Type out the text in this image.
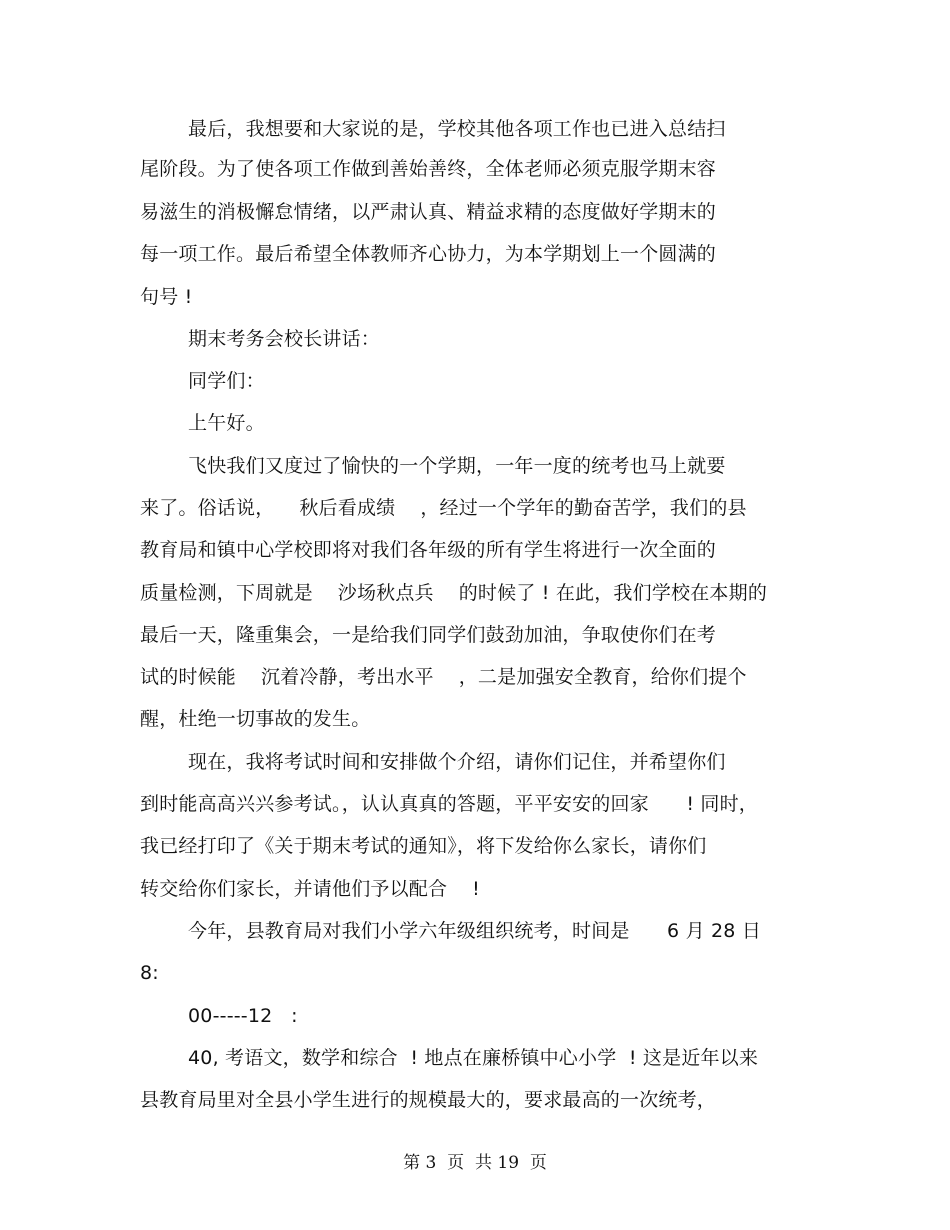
最后，我想要和大家说的是，学校其他各项工作也已进入总结扫
尾阶段。为了使各项工作做到善始善终，全体老师必须克服学期末容
易滋生的消极懈怠情绪，以严肃认真、精益求精的态度做好学期末的
每一项工作。最后希望全体教师齐心协力，为本学期划上一个圆满的
句号 !
期末考务会校长讲话：
同学们：
上午好。
飞快我们又度过了愉快的一个学期，一年一度的统考也马上就要
来了。俗话说，    秋后看成绩    ，经过一个学年的勤奋苦学，我们的县
教育局和镇中心学校即将对我们各年级的所有学生将进行一次全面的
质量检测，下周就是    沙场秋点兵    的时候了 ! 在此，我们学校在本期的
最后一天，隆重集会，一是给我们同学们鼓劲加油，争取使你们在考
试的时候能    沉着冷静，考出水平    ，二是加强安全教育，给你们提个
醒，杜绝一切事故的发生。
现在，我将考试时间和安排做个介绍，请你们记住，并希望你们
到时能高高兴兴参考试。，认认真真的答题，平平安安的回家      ! 同时，
我已经打印了《关于期末考试的通知》，将下发给你么家长，请你们
转交给你们家长，并请他们予以配合    !
今年，县教育局对我们小学六年级组织统考，时间是      6 月 28 日
8:
00-----12   :
40, 考语文，数学和综合  ! 地点在廉桥镇中心小学  ! 这是近年以来
县教育局里对全县小学生进行的规模最大的，要求最高的一次统考，
第 3  页  共 19  页
